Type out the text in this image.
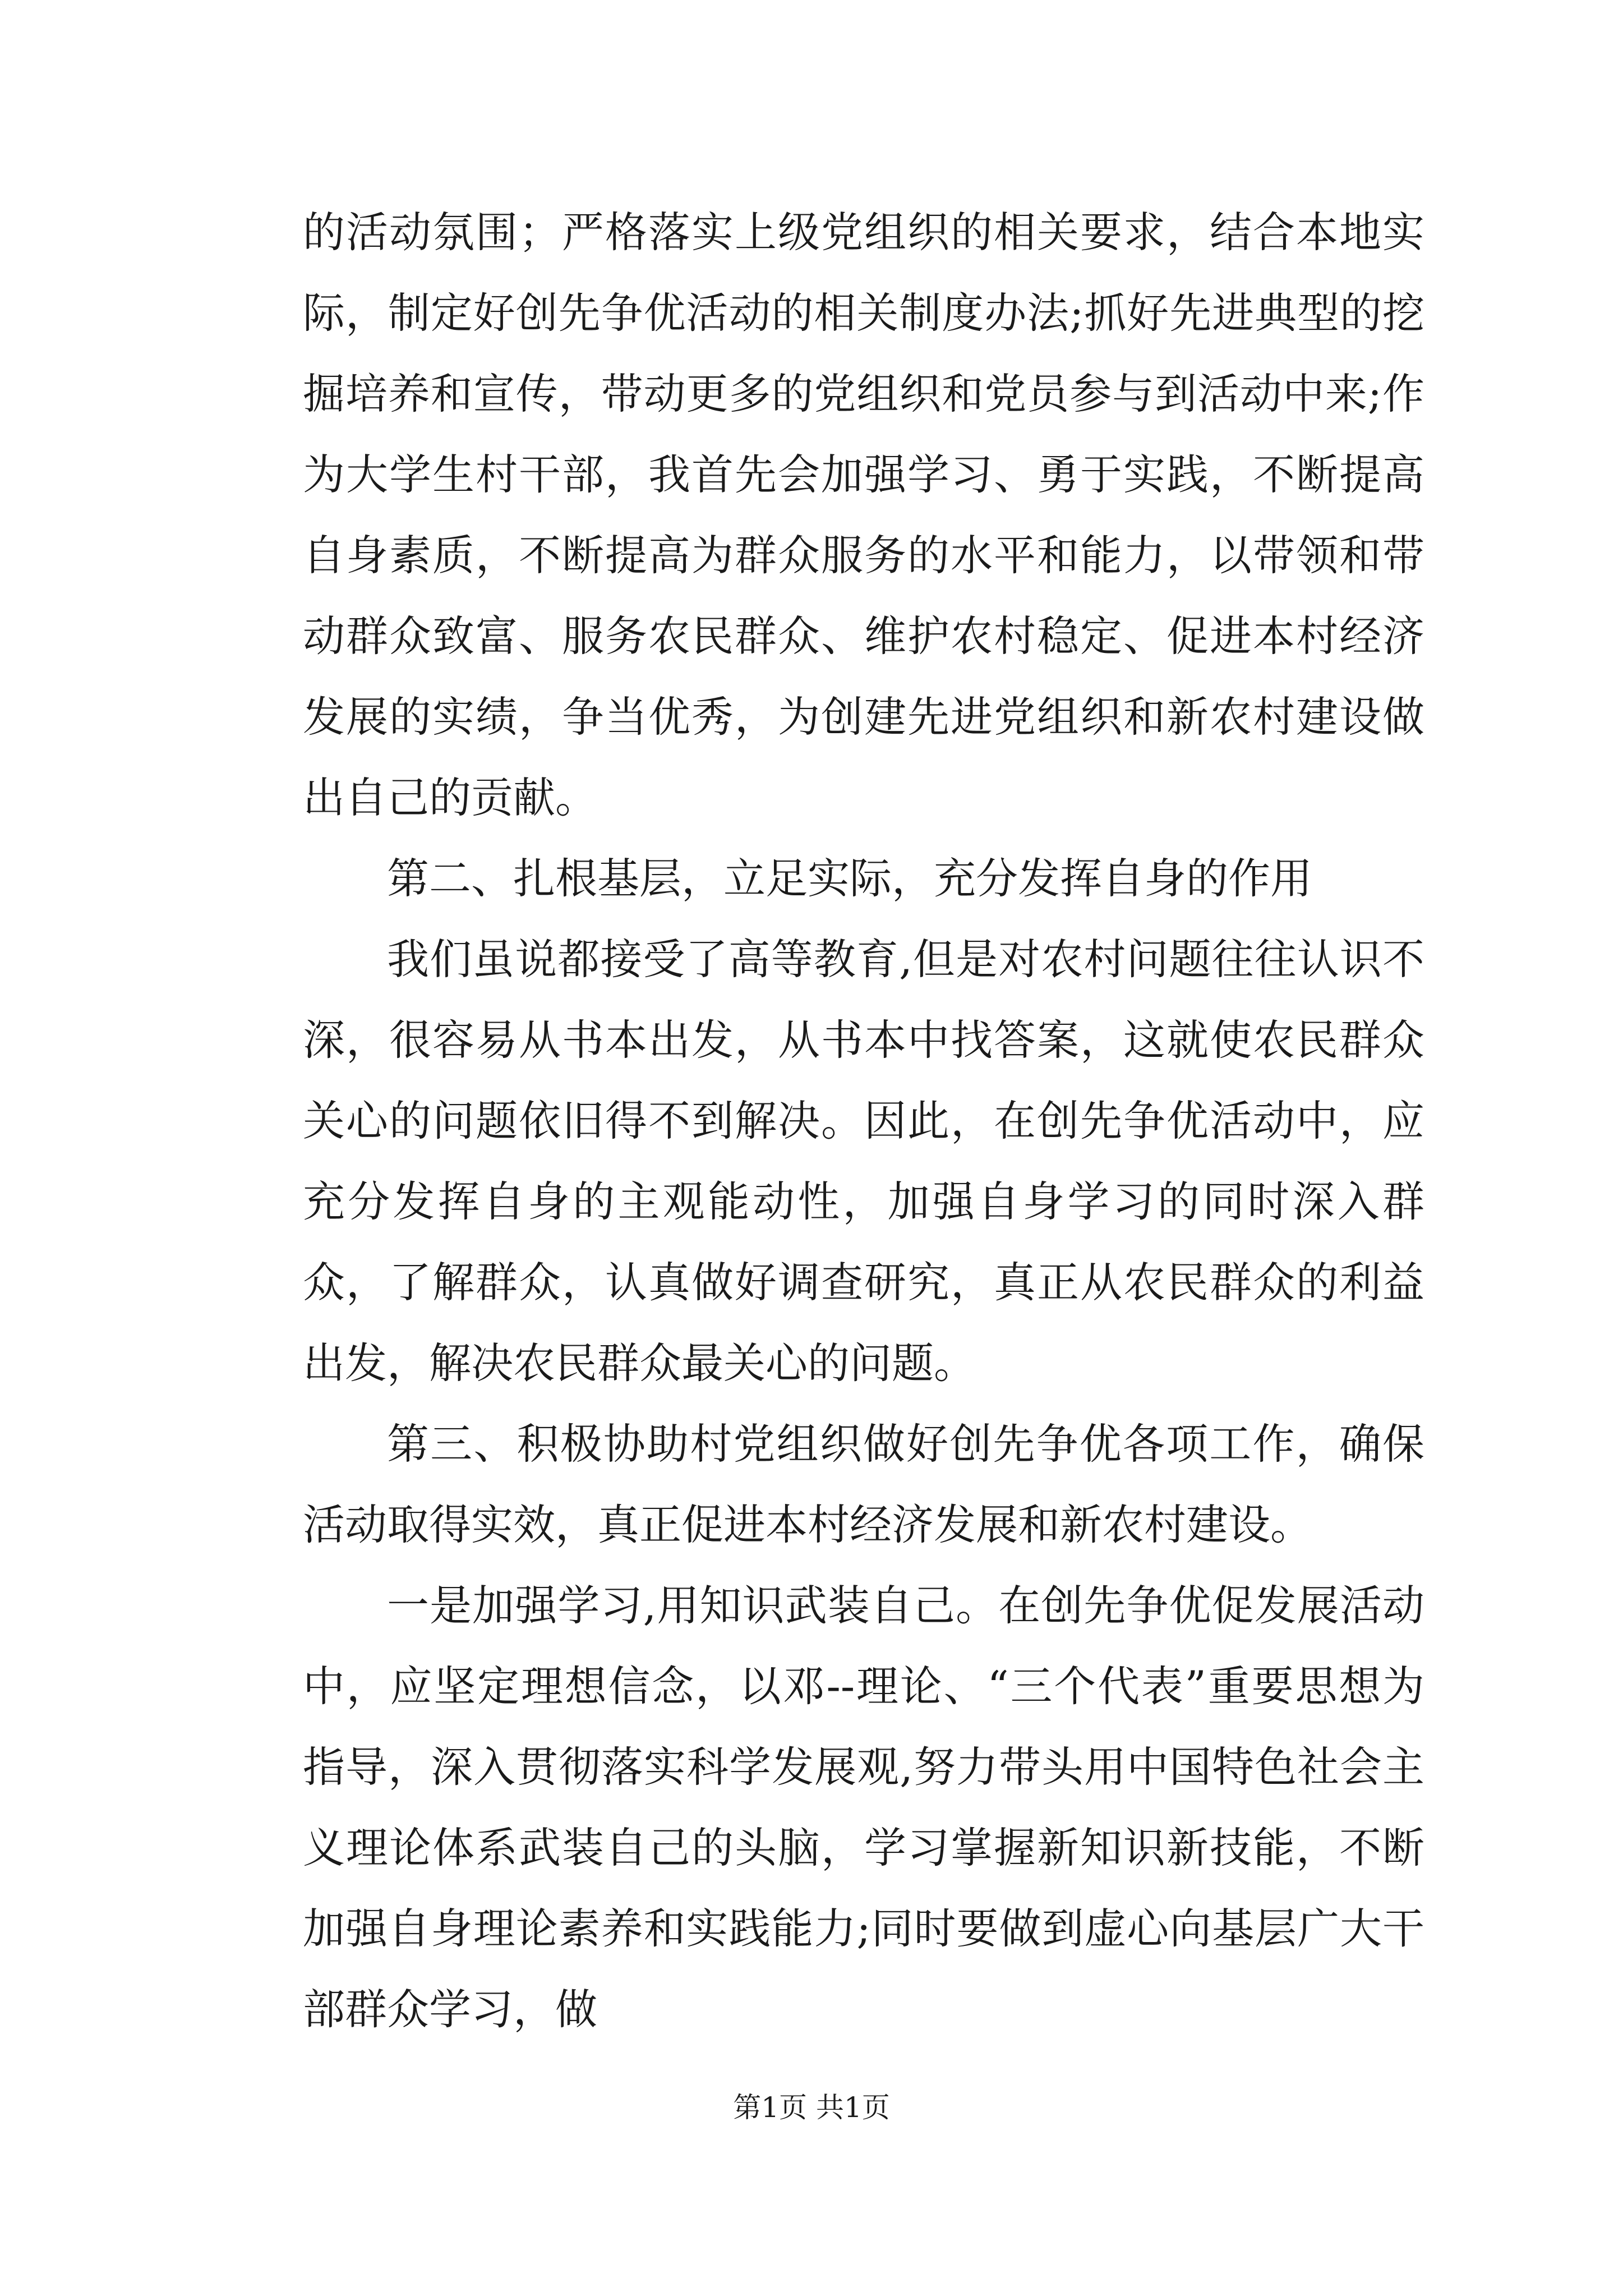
的活动氛围；严格落实上级党组织的相关要求，结合本地实际，制定好创先争优活动的相关制度办法;抓好先进典型的挖掘培养和宣传，带动更多的党组织和党员参与到活动中来;作为大学生村干部，我首先会加强学习、勇于实践，不断提高自身素质，不断提高为群众服务的水平和能力，以带领和带动群众致富、服务农民群众、维护农村稳定、促进本村经济发展的实绩，争当优秀，为创建先进党组织和新农村建设做出自己的贡献。

第二、扎根基层，立足实际，充分发挥自身的作用

我们虽说都接受了高等教育,但是对农村问题往往认识不深，很容易从书本出发，从书本中找答案，这就使农民群众关心的问题依旧得不到解决。因此，在创先争优活动中，应充分发挥自身的主观能动性，加强自身学习的同时深入群众，了解群众，认真做好调查研究，真正从农民群众的利益出发，解决农民群众最关心的问题。

第三、积极协助村党组织做好创先争优各项工作，确保活动取得实效，真正促进本村经济发展和新农村建设。

一是加强学习,用知识武装自己。在创先争优促发展活动中，应坚定理想信念，以邓--理论、“三个代表”重要思想为指导，深入贯彻落实科学发展观,努力带头用中国特色社会主义理论体系武装自己的头脑，学习掌握新知识新技能，不断加强自身理论素养和实践能力;同时要做到虚心向基层广大干部群众学习，做

第1页 共1页
